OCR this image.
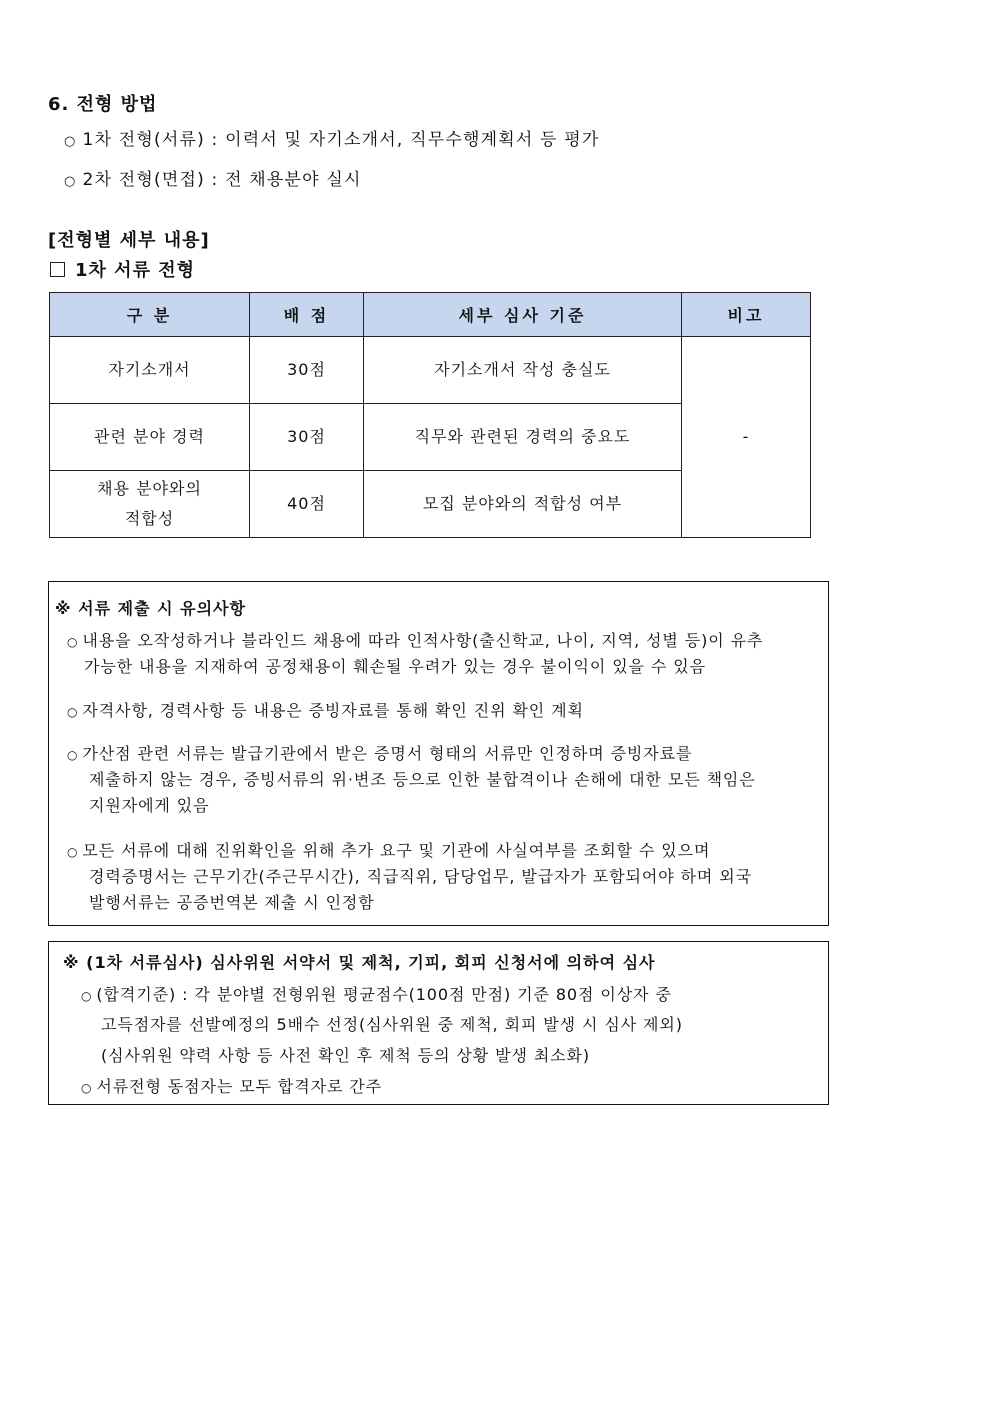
6. 전형 방법
○ 1차 전형(서류) : 이력서 및 자기소개서, 직무수행계획서 등 평가
○ 2차 전형(면접) : 전 채용분야 실시
[전형별 세부 내용]
1차 서류 전형
구 분	배 점	세부 심사 기준	비고
자기소개서	30점	자기소개서 작성 충실도	-
관련 분야 경력	30점	직무와 관련된 경력의 중요도	

채용 분야와의
적합성	40점	모집 분야와의 적합성 여부	
※ 서류 제출 시 유의사항
○ 내용을 오작성하거나 블라인드 채용에 따라 인적사항(출신학교, 나이, 지역, 성별 등)이 유추
가능한 내용을 지재하여 공정채용이 훼손될 우려가 있는 경우 불이익이 있을 수 있음
○ 자격사항, 경력사항 등 내용은 증빙자료를 통해 확인 진위 확인 계획
○ 가산점 관련 서류는 발급기관에서 받은 증명서 형태의 서류만 인정하며 증빙자료를
제출하지 않는 경우, 증빙서류의 위·변조 등으로 인한 불합격이나 손해에 대한 모든 책임은
지원자에게 있음
○ 모든 서류에 대해 진위확인을 위해 추가 요구 및 기관에 사실여부를 조회할 수 있으며
경력증명서는 근무기간(주근무시간), 직급직위, 담당업무, 발급자가 포함되어야 하며 외국
발행서류는 공증번역본 제출 시 인정함
※ (1차 서류심사) 심사위원 서약서 및 제척, 기피, 회피 신청서에 의하여 심사
○ (합격기준) : 각 분야별 전형위원 평균점수(100점 만점) 기준 80점 이상자 중
고득점자를 선발예정의 5배수 선정(심사위원 중 제척, 회피 발생 시 심사 제외)
(심사위원 약력 사항 등 사전 확인 후 제척 등의 상황 발생 최소화)
○ 서류전형 동점자는 모두 합격자로 간주
